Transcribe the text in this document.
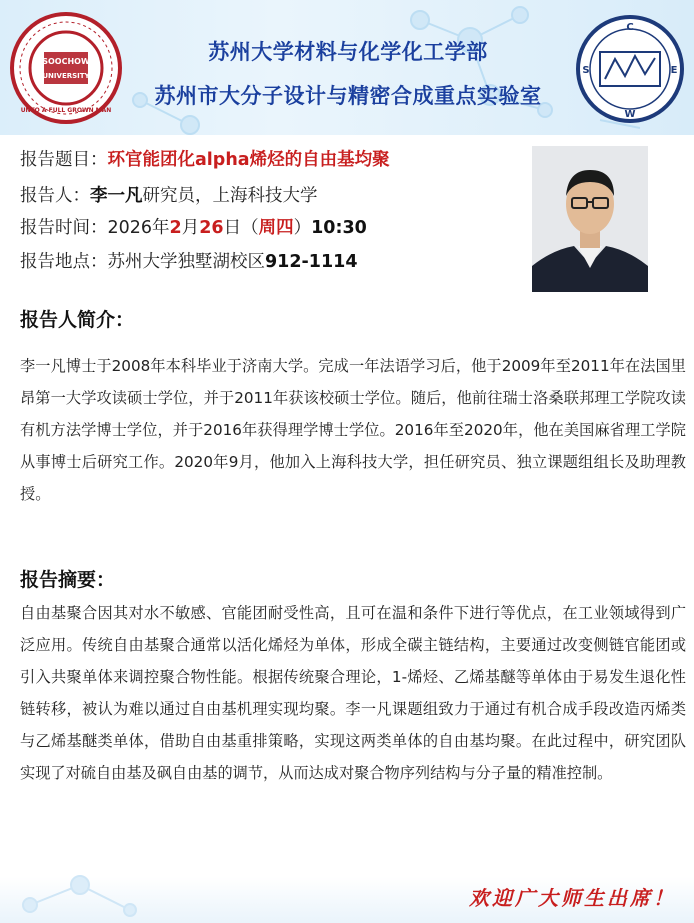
SOOCHOW
UNIVERSITY
UNTO A FULL GROWN MAN
苏州大学材料与化学化工学部
苏州市大分子设计与精密合成重点实验室
C
S	E
W
报告题目：环官能团化alpha烯烃的自由基均聚
报告人：李一凡研究员，上海科技大学
报告时间：2026年2月26日（周四）10:30
报告地点：苏州大学独墅湖校区912-1114
报告人简介：
李一凡博士于2008年本科毕业于济南大学。完成一年法语学习后，他于2009年至2011年在法国里昂第一大学攻读硕士学位，并于2011年获该校硕士学位。随后，他前往瑞士洛桑联邦理工学院攻读有机方法学博士学位，并于2016年获得理学博士学位。2016年至2020年，他在美国麻省理工学院从事博士后研究工作。2020年9月，他加入上海科技大学，担任研究员、独立课题组组长及助理教授。
报告摘要：
自由基聚合因其对水不敏感、官能团耐受性高，且可在温和条件下进行等优点，在工业领域得到广泛应用。传统自由基聚合通常以活化烯烃为单体，形成全碳主链结构，主要通过改变侧链官能团或引入共聚单体来调控聚合物性能。根据传统聚合理论，1-烯烃、乙烯基醚等单体由于易发生退化性链转移，被认为难以通过自由基机理实现均聚。李一凡课题组致力于通过有机合成手段改造丙烯类与乙烯基醚类单体，借助自由基重排策略，实现这两类单体的自由基均聚。在此过程中，研究团队实现了对硫自由基及砜自由基的调节，从而达成对聚合物序列结构与分子量的精准控制。
欢迎广大师生出席！
